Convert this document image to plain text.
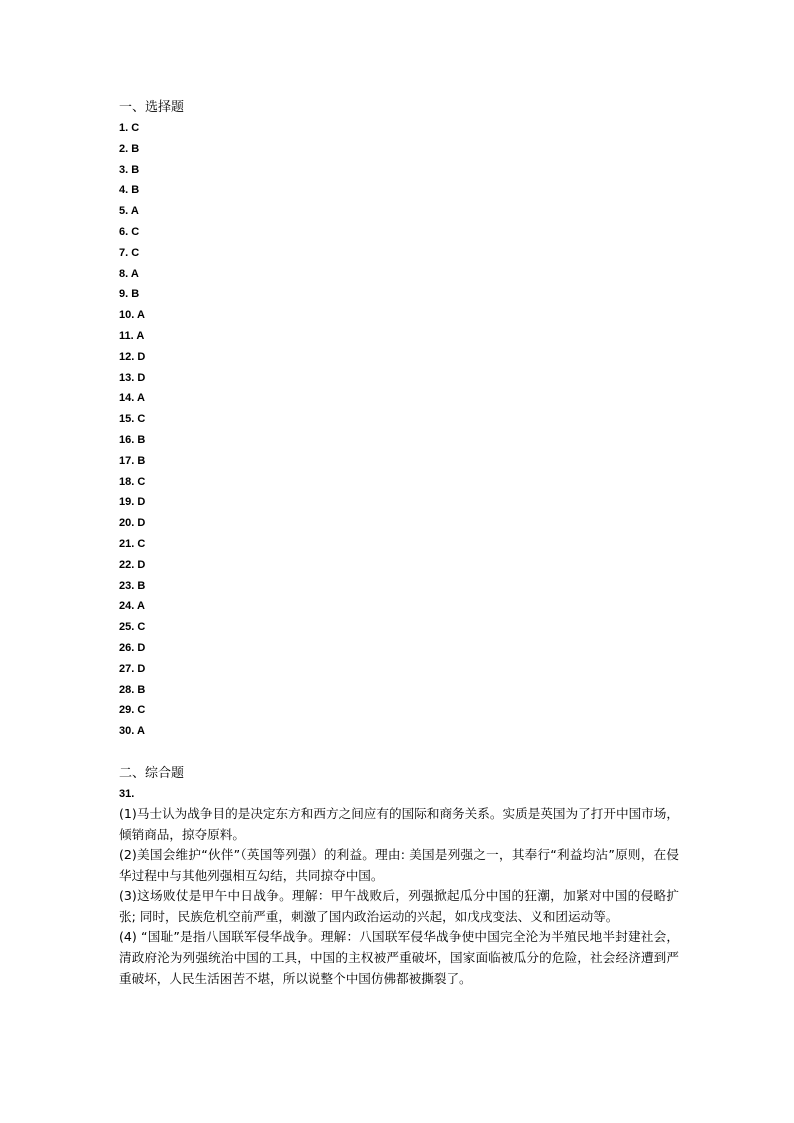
一、选择题
1. C
2. B
3. B
4. B
5. A
6. C
7. C
8. A
9. B
10. A
11. A
12. D
13. D
14. A
15. C
16. B
17. B
18. C
19. D
20. D
21. C
22. D
23. B
24. A
25. C
26. D
27. D
28. B
29. C
30. A
二、综合题
31.

(1)马士认为战争目的是决定东方和西方之间应有的国际和商务关系。实质是英国为了打开中国市场，倾销商品，掠夺原料。

(2)美国会维护“伙伴”（英国等列强）的利益。理由: 美国是列强之一，其奉行“利益均沾”原则，在侵华过程中与其他列强相互勾结，共同掠夺中国。

(3)这场败仗是甲午中日战争。理解：甲午战败后，列强掀起瓜分中国的狂潮，加紧对中国的侵略扩张; 同时，民族危机空前严重，刺激了国内政治运动的兴起，如戊戌变法、义和团运动等。

(4) “国耻”是指八国联军侵华战争。理解：八国联军侵华战争使中国完全沦为半殖民地半封建社会，清政府沦为列强统治中国的工具，中国的主权被严重破坏，国家面临被瓜分的危险，社会经济遭到严重破坏，人民生活困苦不堪，所以说整个中国仿佛都被撕裂了。
